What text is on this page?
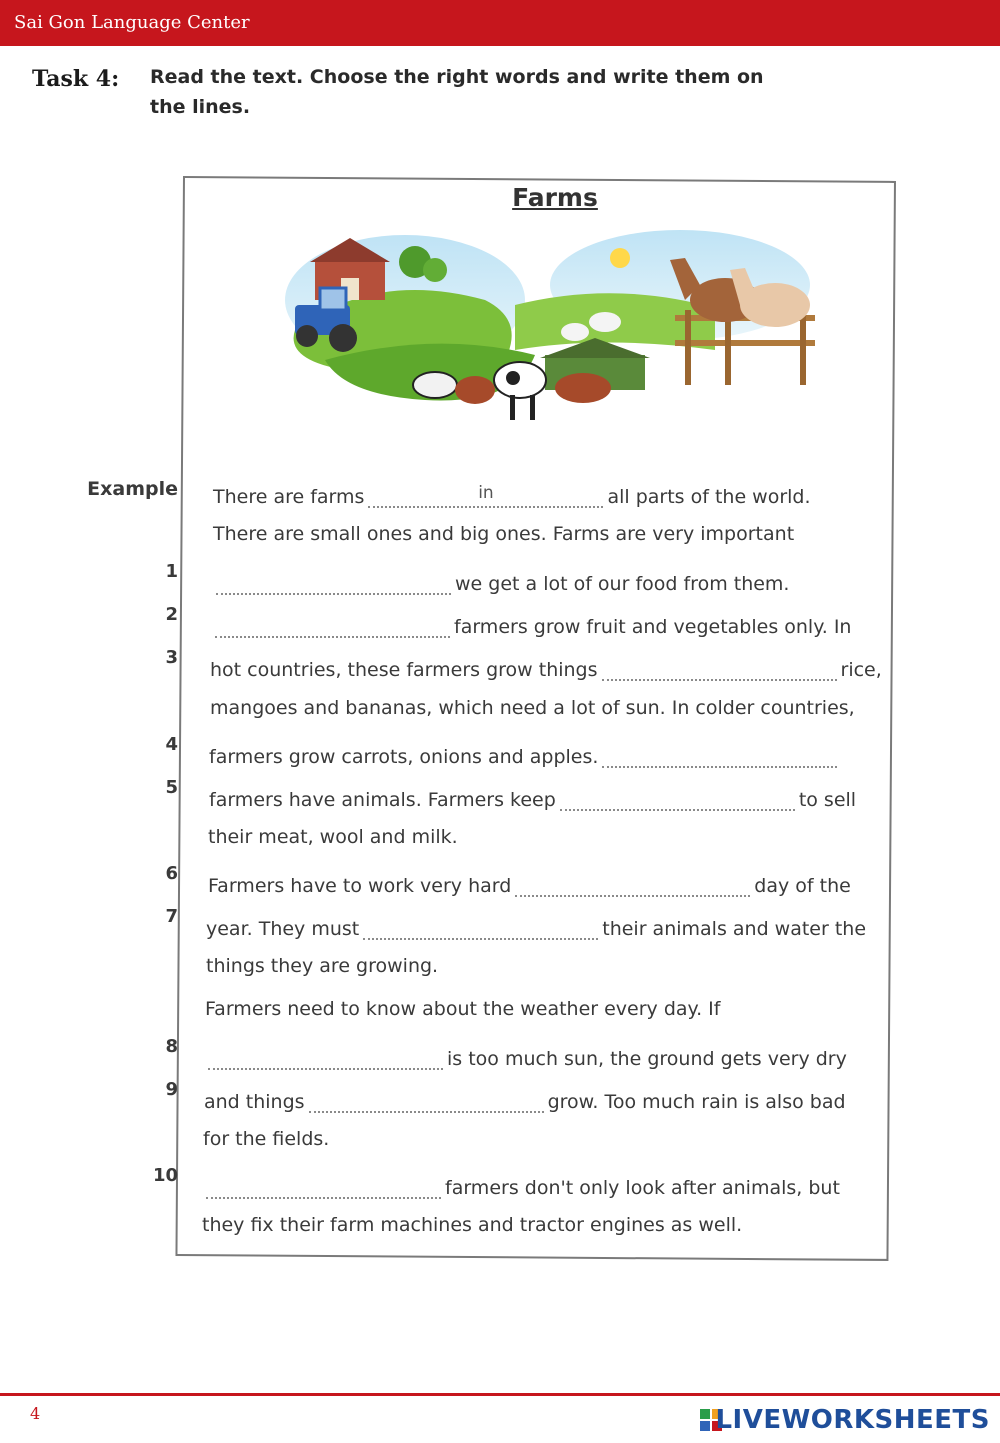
Sai Gon Language Center
Task 4: Read the text. Choose the right words and write them on the lines.
Farms
Example There are farmsin	all parts of the world.
There are small ones and big ones. Farms are very important
we get a lot of our food from them.
1
farmers grow fruit and vegetables only. In
2
hot countries, these farmers grow things	rice,
3
mangoes and bananas, which need a lot of sun. In colder countries,
farmers grow carrots, onions and apples.
4
farmers have animals. Farmers keep	to sell
5
their meat, wool and milk.
Farmers have to work very hard	day of the
6
year. They must	their animals and water the
7
things they are growing.
Farmers need to know about the weather every day. If
is too much sun, the ground gets very dry
8
and things	grow. Too much rain is also bad
9
for the fields.
farmers don't only look after animals, but
10
they fix their farm machines and tractor engines as well.
4	LIVEWORKSHEETS
